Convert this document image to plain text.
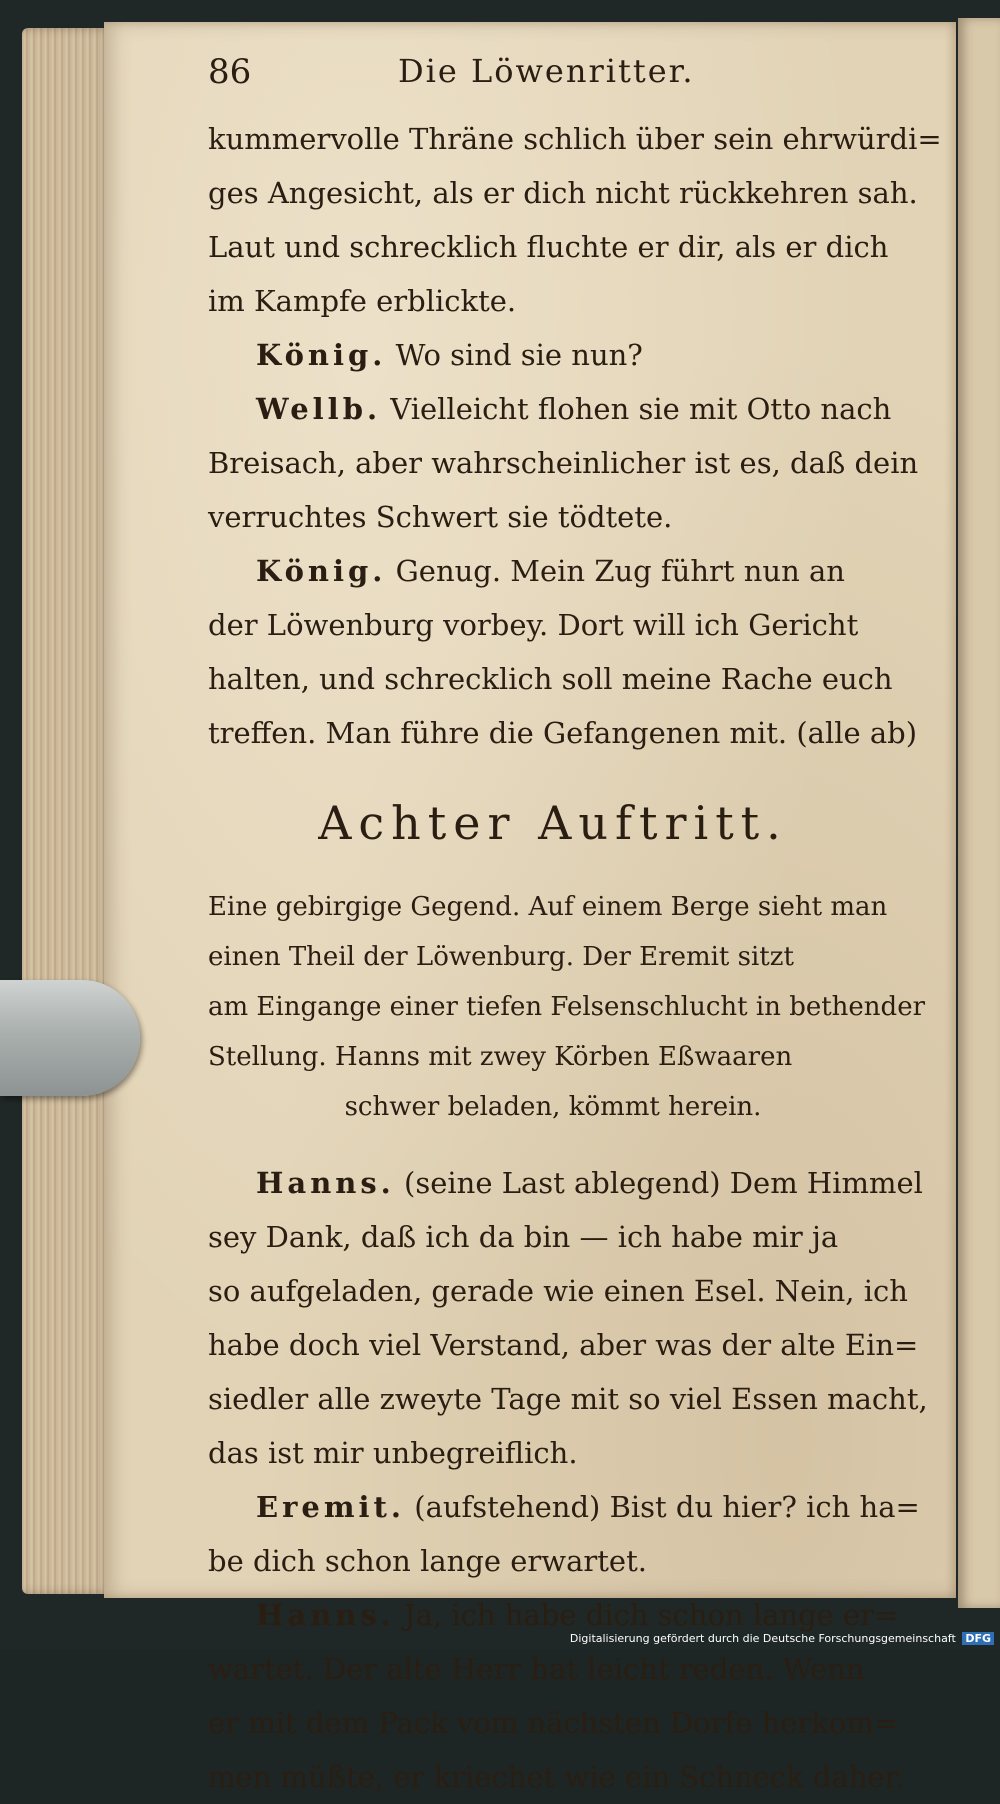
86	Die Löwenritter.
kummervolle Thräne schlich über sein ehrwürdi=
ges Angesicht, als er dich nicht rückkehren sah.
Laut und schrecklich fluchte er dir, als er dich
im Kampfe erblickte.
König. Wo sind sie nun?
Wellb. Vielleicht flohen sie mit Otto nach
Breisach, aber wahrscheinlicher ist es, daß dein
verruchtes Schwert sie tödtete.
König. Genug. Mein Zug führt nun an
der Löwenburg vorbey. Dort will ich Gericht
halten, und schrecklich soll meine Rache euch
treffen. Man führe die Gefangenen mit. (alle ab)
Achter Auftritt.
Eine gebirgige Gegend. Auf einem Berge sieht man
einen Theil der Löwenburg. Der Eremit sitzt
am Eingange einer tiefen Felsenschlucht in bethender
Stellung. Hanns mit zwey Körben Eßwaaren
schwer beladen, kömmt herein.
Hanns. (seine Last ablegend) Dem Himmel
sey Dank, daß ich da bin — ich habe mir ja
so aufgeladen, gerade wie einen Esel. Nein, ich
habe doch viel Verstand, aber was der alte Ein=
siedler alle zweyte Tage mit so viel Essen macht,
das ist mir unbegreiflich.
Eremit. (aufstehend) Bist du hier? ich ha=
be dich schon lange erwartet.
Hanns. Ja, ich habe dich schon lange er=
wartet. Der alte Herr hat leicht reden. Wenn
er mit dem Pack vom nächsten Dorfe herkom=
men müßte, er kriechet wie ein Schneck daher.
Digitalisierung gefördert durch die Deutsche Forschungsgemeinschaft DFG
